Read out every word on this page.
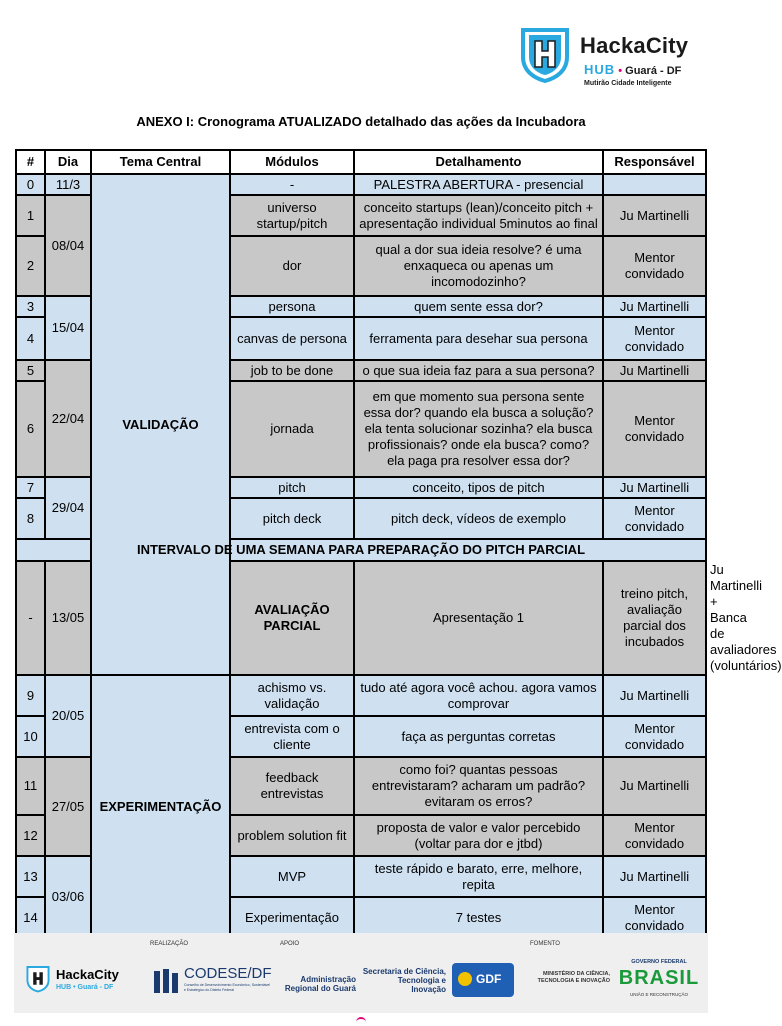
HackaCity
HUB • Guará - DF
Mutirão Cidade Inteligente
ANEXO I: Cronograma ATUALIZADO detalhado das ações da Incubadora
#	Dia	Tema Central	Módulos	Detalhamento	Responsável	
0	11/3	VALIDAÇÃO	-	PALESTRA ABERTURA - presencial		
1	08/04		universo startup/pitch	conceito startups (lean)/conceito pitch + apresentação individual 5minutos ao final	Ju Martinelli	
2			dor	qual a dor sua ideia resolve? é uma enxaqueca ou apenas um incomodozinho?	Mentor convidado	
3	15/04		persona	quem sente essa dor?	Ju Martinelli	
4			canvas de persona	ferramenta para desehar sua persona	Mentor convidado	
5	22/04		job to be done	o que sua ideia faz para a sua persona?	Ju Martinelli	
6			jornada	em que momento sua persona sente essa dor? quando ela busca a solução? ela tenta solucionar sozinha? ela busca profissionais? onde ela busca? como? ela paga pra resolver essa dor?	Mentor convidado	
7	29/04		pitch	conceito, tipos de pitch	Ju Martinelli	
8			pitch deck	pitch deck, vídeos de exemplo	Mentor convidado	
INTERVALO DE UMA SEMANA PARA PREPARAÇÃO DO PITCH PARCIAL						
-	13/05		AVALIAÇÃO PARCIAL	Apresentação 1	treino pitch, avaliação parcial dos incubados	Ju Martinelli + Banca de avaliadores (voluntários)
9	20/05	EXPERIMENTAÇÃO	achismo vs. validação	tudo até agora você achou. agora vamos comprovar	Ju Martinelli	
10			entrevista com o cliente	faça as perguntas corretas	Mentor convidado	
11	27/05		feedback entrevistas	como foi? quantas pessoas entrevistaram? acharam um padrão? evitaram os erros?	Ju Martinelli	
12			problem solution fit	proposta de valor e valor percebido (voltar para dor e jtbd)	Mentor convidado	
13	03/06		MVP	teste rápido e barato, erre, melhore, repita	Ju Martinelli	
14			Experimentação	7 testes	Mentor convidado	
REALIZAÇÃO	APOIO	FOMENTO
HackaCity
HUB • Guará - DF
CODESE/DF
Conselho de Desenvolvimento Econômico, Sustentável e Estratégico do Distrito Federal
Administração Regional do Guará
Secretaria de Ciência, Tecnologia e Inovação
GDF	MINISTÉRIO DA CIÊNCIA, TECNOLOGIA E INOVAÇÃO
GOVERNO FEDERAL
BRASIL
UNIÃO E RECONSTRUÇÃO
